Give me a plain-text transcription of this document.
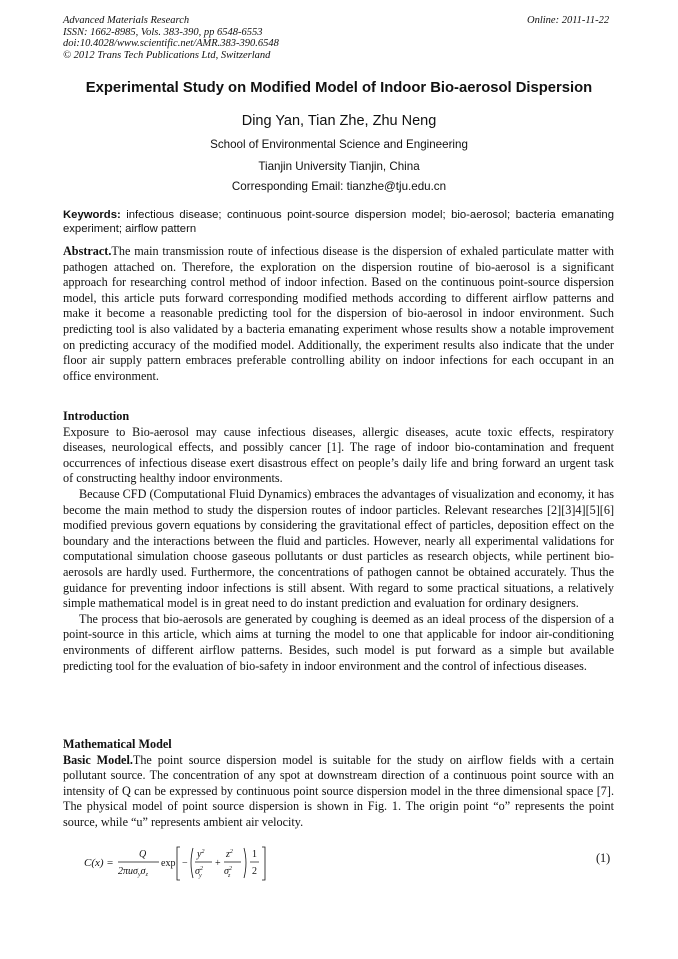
Advanced Materials Research
ISSN: 1662-8985, Vols. 383-390, pp 6548-6553
doi:10.4028/www.scientific.net/AMR.383-390.6548
© 2012 Trans Tech Publications Ltd, Switzerland
Online: 2011-11-22
Experimental Study on Modified Model of Indoor Bio-aerosol Dispersion
Ding Yan, Tian Zhe, Zhu Neng
School of Environmental Science and Engineering
Tianjin University Tianjin, China
Corresponding Email: tianzhe@tju.edu.cn
Keywords: infectious disease; continuous point-source dispersion model; bio-aerosol; bacteria emanating experiment; airflow pattern

Abstract.The main transmission route of infectious disease is the dispersion of exhaled particulate matter with pathogen attached on. Therefore, the exploration on the dispersion routine of bio-aerosol is a significant approach for researching control method of indoor infection. Based on the continuous point-source dispersion model, this article puts forward corresponding modified methods according to different airflow patterns and make it become a reasonable predicting tool for the dispersion of bio-aerosol in indoor environment. Such predicting tool is also validated by a bacteria emanating experiment whose results show a notable improvement on predicting accuracy of the modified model. Additionally, the experiment results also indicate that the under floor air supply pattern embraces preferable controlling ability on indoor infections for each occupant in an office environment.

Introduction

Exposure to Bio-aerosol may cause infectious diseases, allergic diseases, acute toxic effects, respiratory diseases, neurological effects, and possibly cancer [1]. The rage of indoor bio-contamination and frequent occurrences of infectious disease exert disastrous effect on people’s daily life and bring forward an urgent task of constructing healthy indoor environments.

Because CFD (Computational Fluid Dynamics) embraces the advantages of visualization and economy, it has become the main method to study the dispersion routes of indoor particles. Relevant researches [2][3]4][5][6] modified previous govern equations by considering the gravitational effect of particles, deposition effect on the boundary and the interactions between the fluid and particles. However, nearly all experimental validations for computational simulation choose gaseous pollutants or dust particles as research objects, while pertinent bio-aerosols are hardly used. Furthermore, the concentrations of pathogen cannot be obtained accurately. Thus the guidance for preventing indoor infections is still absent. With regard to some practical situations, a relatively simple mathematical model is in great need to do instant prediction and evaluation for ordinary designers.

The process that bio-aerosols are generated by coughing is deemed as an ideal process of the dispersion of a point-source in this article, which aims at turning the model to one that applicable for indoor air-conditioning environments of different airflow patterns. Besides, such model is put forward as a simple but available predicting tool for the evaluation of bio-safety in indoor environment and the control of infectious diseases.

Mathematical Model

Basic Model.The point source dispersion model is suitable for the study on airflow fields with a certain pollutant source. The concentration of any spot at downstream direction of a continuous point source with an intensity of Q can be expressed by continuous point source dispersion model in the three dimensional space [7]. The physical model of point source dispersion is shown in Fig. 1. The origin point “o” represents the point source, while “u” represents ambient air velocity.

C(x) =
Q
$2\pi u\sigma_y\sigma_z$
exp −
$y^2$
$\sigma^2$ y
+
$z^2$
$\sigma^2$ z
1
2
(1)
